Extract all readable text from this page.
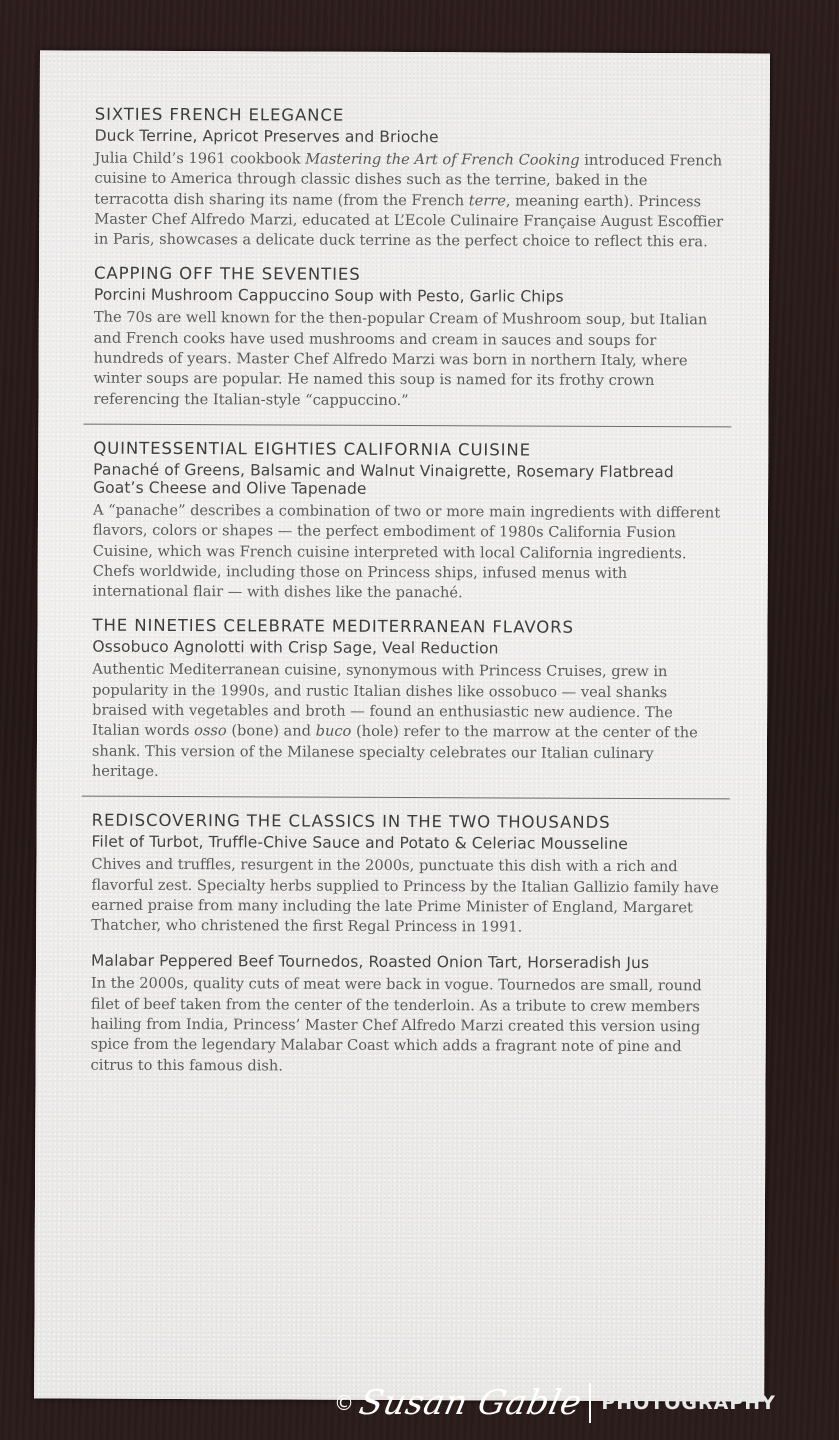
SIXTIES FRENCH ELEGANCE
Duck Terrine, Apricot Preserves and Brioche

Julia Child’s 1961 cookbook Mastering the Art of French Cooking introduced French cuisine to America through classic dishes such as the terrine, baked in the terracotta dish sharing its name (from the French terre, meaning earth). Princess Master Chef Alfredo Marzi, educated at L’Ecole Culinaire Française August Escoffier in Paris, showcases a delicate duck terrine as the perfect choice to reflect this era.

CAPPING OFF THE SEVENTIES
Porcini Mushroom Cappuccino Soup with Pesto, Garlic Chips

The 70s are well known for the then-popular Cream of Mushroom soup, but Italian and French cooks have used mushrooms and cream in sauces and soups for hundreds of years. Master Chef Alfredo Marzi was born in northern Italy, where winter soups are popular. He named this soup is named for its frothy crown referencing the Italian-style “cappuccino.”

QUINTESSENTIAL EIGHTIES CALIFORNIA CUISINE
Panaché of Greens, Balsamic and Walnut Vinaigrette, Rosemary Flatbread
Goat’s Cheese and Olive Tapenade

A “panache” describes a combination of two or more main ingredients with different flavors, colors or shapes — the perfect embodiment of 1980s California Fusion Cuisine, which was French cuisine interpreted with local California ingredients. Chefs worldwide, including those on Princess ships, infused menus with international flair — with dishes like the panaché.

THE NINETIES CELEBRATE MEDITERRANEAN FLAVORS
Ossobuco Agnolotti with Crisp Sage, Veal Reduction

Authentic Mediterranean cuisine, synonymous with Princess Cruises, grew in popularity in the 1990s, and rustic Italian dishes like ossobuco — veal shanks braised with vegetables and broth — found an enthusiastic new audience. The Italian words osso (bone) and buco (hole) refer to the marrow at the center of the shank. This version of the Milanese specialty celebrates our Italian culinary heritage.

REDISCOVERING THE CLASSICS IN THE TWO THOUSANDS
Filet of Turbot, Truffle-Chive Sauce and Potato & Celeriac Mousseline

Chives and truffles, resurgent in the 2000s, punctuate this dish with a rich and flavorful zest. Specialty herbs supplied to Princess by the Italian Gallizio family have earned praise from many including the late Prime Minister of England, Margaret Thatcher, who christened the first Regal Princess in 1991.

Malabar Peppered Beef Tournedos, Roasted Onion Tart, Horseradish Jus

In the 2000s, quality cuts of meat were back in vogue. Tournedos are small, round filet of beef taken from the center of the tenderloin. As a tribute to crew members hailing from India, Princess’ Master Chef Alfredo Marzi created this version using spice from the legendary Malabar Coast which adds a fragrant note of pine and citrus to this famous dish.

© Susan Gable PHOTOGRAPHY
